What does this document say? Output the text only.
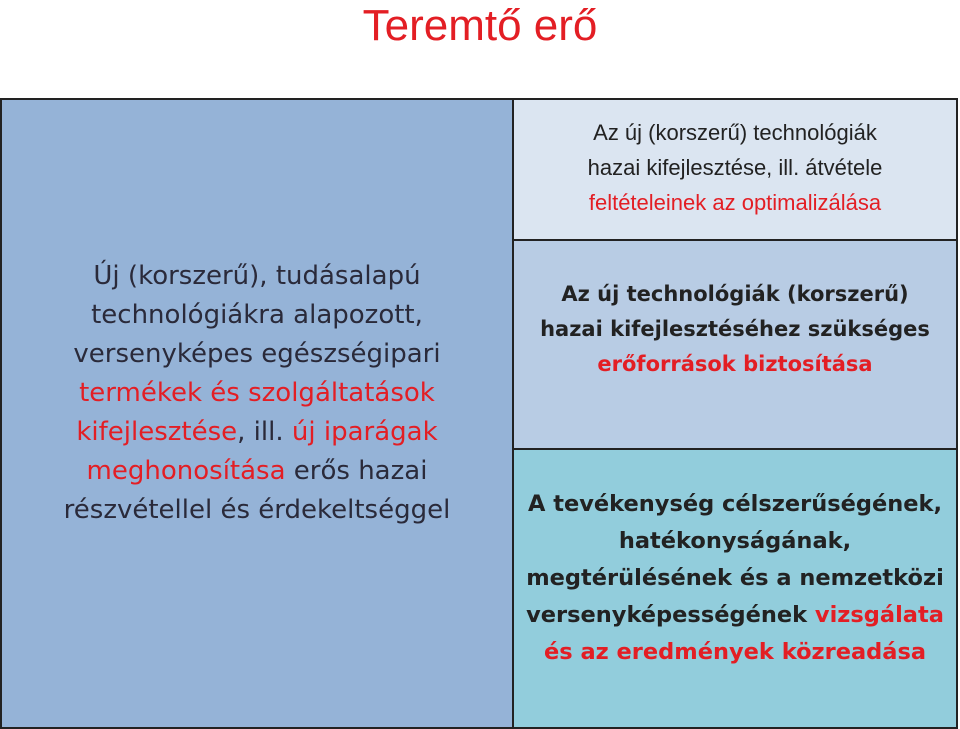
Teremtő erő
Új (korszerű), tudásalapú
technológiákra alapozott,
versenyképes egészségipari
termékek és szolgáltatások
kifejlesztése, ill. új iparágak
meghonosítása erős hazai
részvétellel és érdekeltséggel
Az új (korszerű) technológiák
hazai kifejlesztése, ill. átvétele
feltételeinek az optimalizálása
Az új technológiák (korszerű)
hazai kifejlesztéséhez szükséges
erőforrások biztosítása
A tevékenység célszerűségének,
hatékonyságának,
megtérülésének és a nemzetközi
versenyképességének vizsgálata
és az eredmények közreadása
